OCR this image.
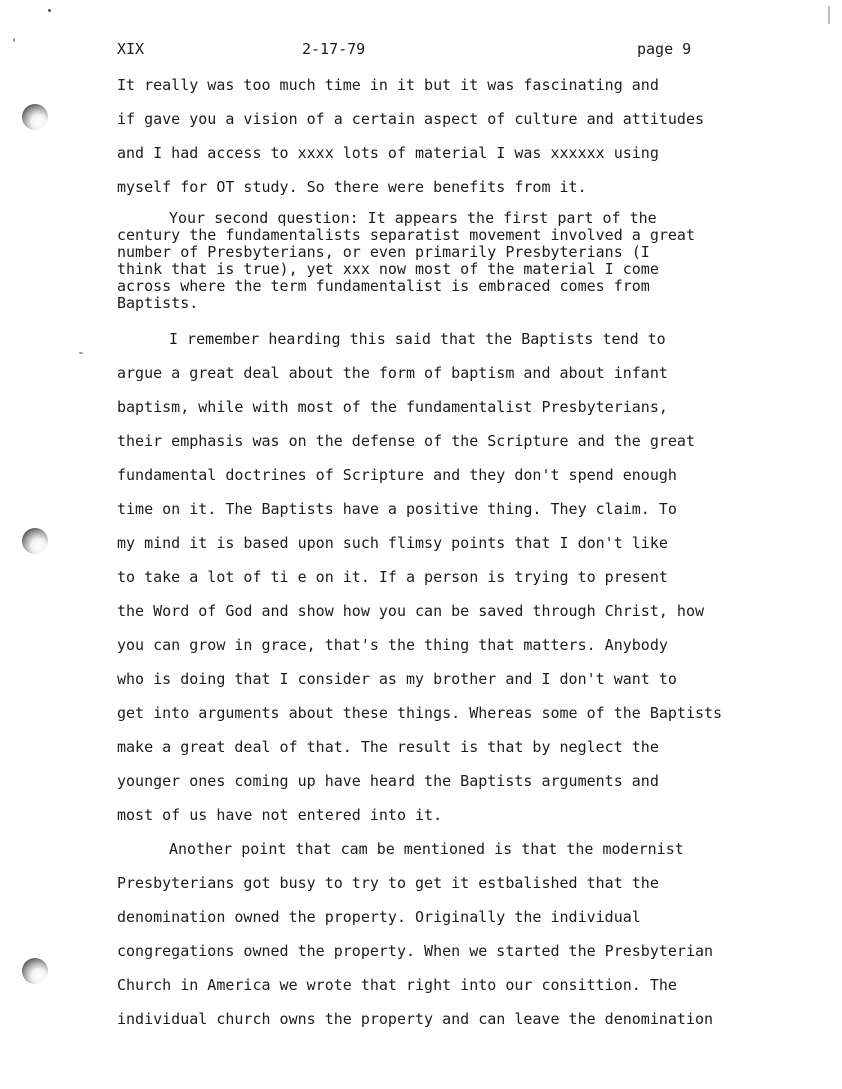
XIX	2-17-79	page 9
It really was too much time in it but it was fascinating and
if gave you a vision of a certain aspect of culture and attitudes
and I had access to xxxx lots of material I was xxxxxx using
myself for OT study. So there were benefits from it.
Your second question: It appears the first part of the
century the fundamentalists separatist movement involved a great
number of Presbyterians, or even primarily Presbyterians (I
think that is true), yet xxx now most of the material I come
across where the term fundamentalist is embraced comes from
Baptists.
I remember hearding this said that the Baptists tend to
argue a great deal about the form of baptism and about infant
baptism, while with most of the fundamentalist Presbyterians,
their emphasis was on the defense of the Scripture and the great
fundamental doctrines of Scripture and they don't spend enough
time on it. The Baptists have a positive thing. They claim. To
my mind it is based upon such flimsy points that I don't like
to take a lot of ti e on it. If a person is trying to present
the Word of God and show how you can be saved through Christ, how
you can grow in grace, that's the thing that matters. Anybody
who is doing that I consider as my brother and I don't want to
get into arguments about these things. Whereas some of the Baptists
make a great deal of that. The result is that by neglect the
younger ones coming up have heard the Baptists arguments and
most of us have not entered into it.
Another point that cam be mentioned is that the modernist
Presbyterians got busy to try to get it estbalished that the
denomination owned the property. Originally the individual
congregations owned the property. When we started the Presbyterian
Church in America we wrote that right into our consittion. The
individual church owns the property and can leave the denomination
